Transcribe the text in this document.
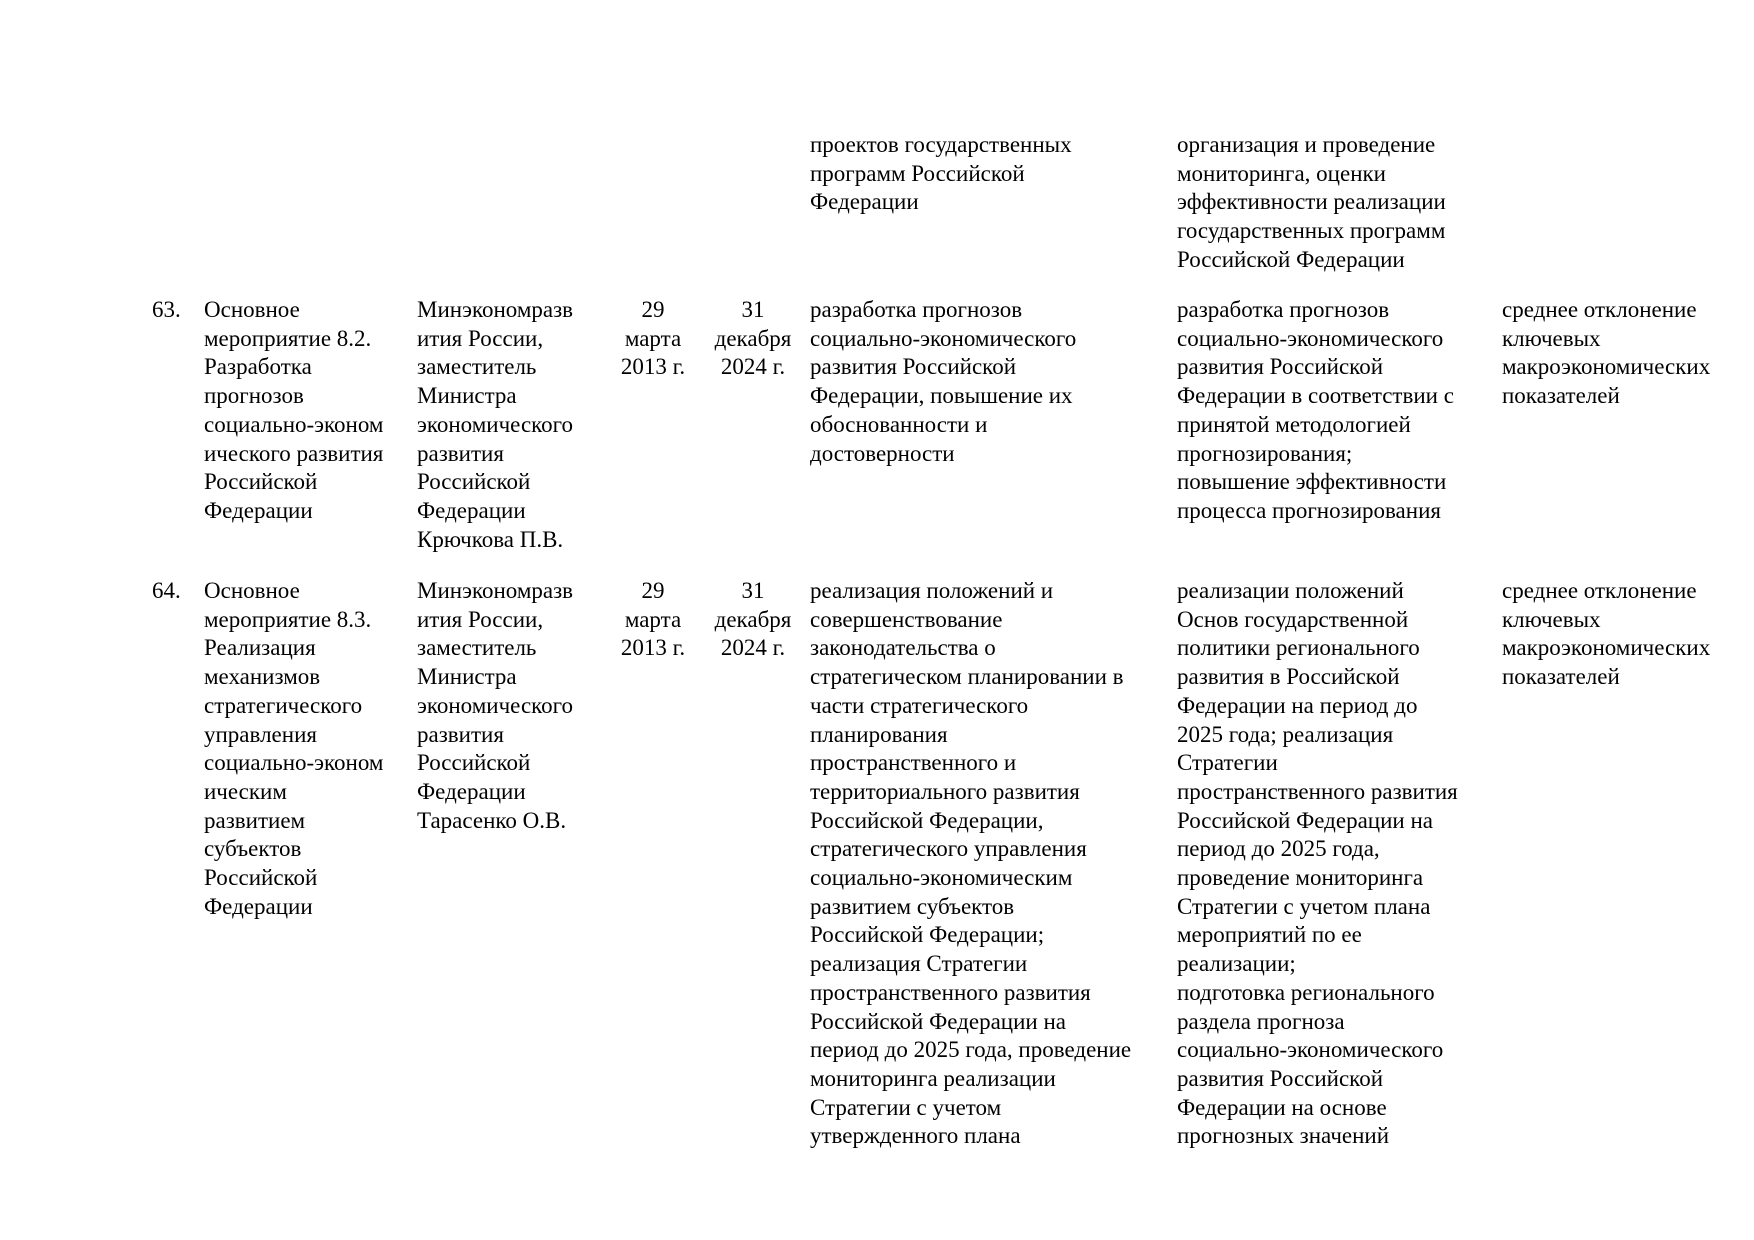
проектов государственных
программ Российской
Федерации
организация и проведение
мониторинга, оценки
эффективности реализации
государственных программ
Российской Федерации
63.	Основное
мероприятие 8.2.
Разработка
прогнозов
социально-эконом
ического развития
Российской
Федерации
Минэкономразв
ития России,
заместитель
Министра
экономического
развития
Российской
Федерации
Крючкова П.В.
29
марта
2013 г.
31
декабря
2024 г.
разработка прогнозов
социально-экономического
развития Российской
Федерации, повышение их
обоснованности и
достоверности
разработка прогнозов
социально-экономического
развития Российской
Федерации в соответствии с
принятой методологией
прогнозирования;
повышение эффективности
процесса прогнозирования
среднее отклонение
ключевых
макроэкономических
показателей
64.	Основное
мероприятие 8.3.
Реализация
механизмов
стратегического
управления
социально-эконом
ическим
развитием
субъектов
Российской
Федерации
Минэкономразв
ития России,
заместитель
Министра
экономического
развития
Российской
Федерации
Тарасенко О.В.
29
марта
2013 г.
31
декабря
2024 г.
реализация положений и
совершенствование
законодательства о
стратегическом планировании в
части стратегического
планирования
пространственного и
территориального развития
Российской Федерации,
стратегического управления
социально-экономическим
развитием субъектов
Российской Федерации;
реализация Стратегии
пространственного развития
Российской Федерации на
период до 2025 года, проведение
мониторинга реализации
Стратегии с учетом
утвержденного плана
реализации положений
Основ государственной
политики регионального
развития в Российской
Федерации на период до
2025 года; реализация
Стратегии
пространственного развития
Российской Федерации на
период до 2025 года,
проведение мониторинга
Стратегии с учетом плана
мероприятий по ее
реализации;
подготовка регионального
раздела прогноза
социально-экономического
развития Российской
Федерации на основе
прогнозных значений
среднее отклонение
ключевых
макроэкономических
показателей
